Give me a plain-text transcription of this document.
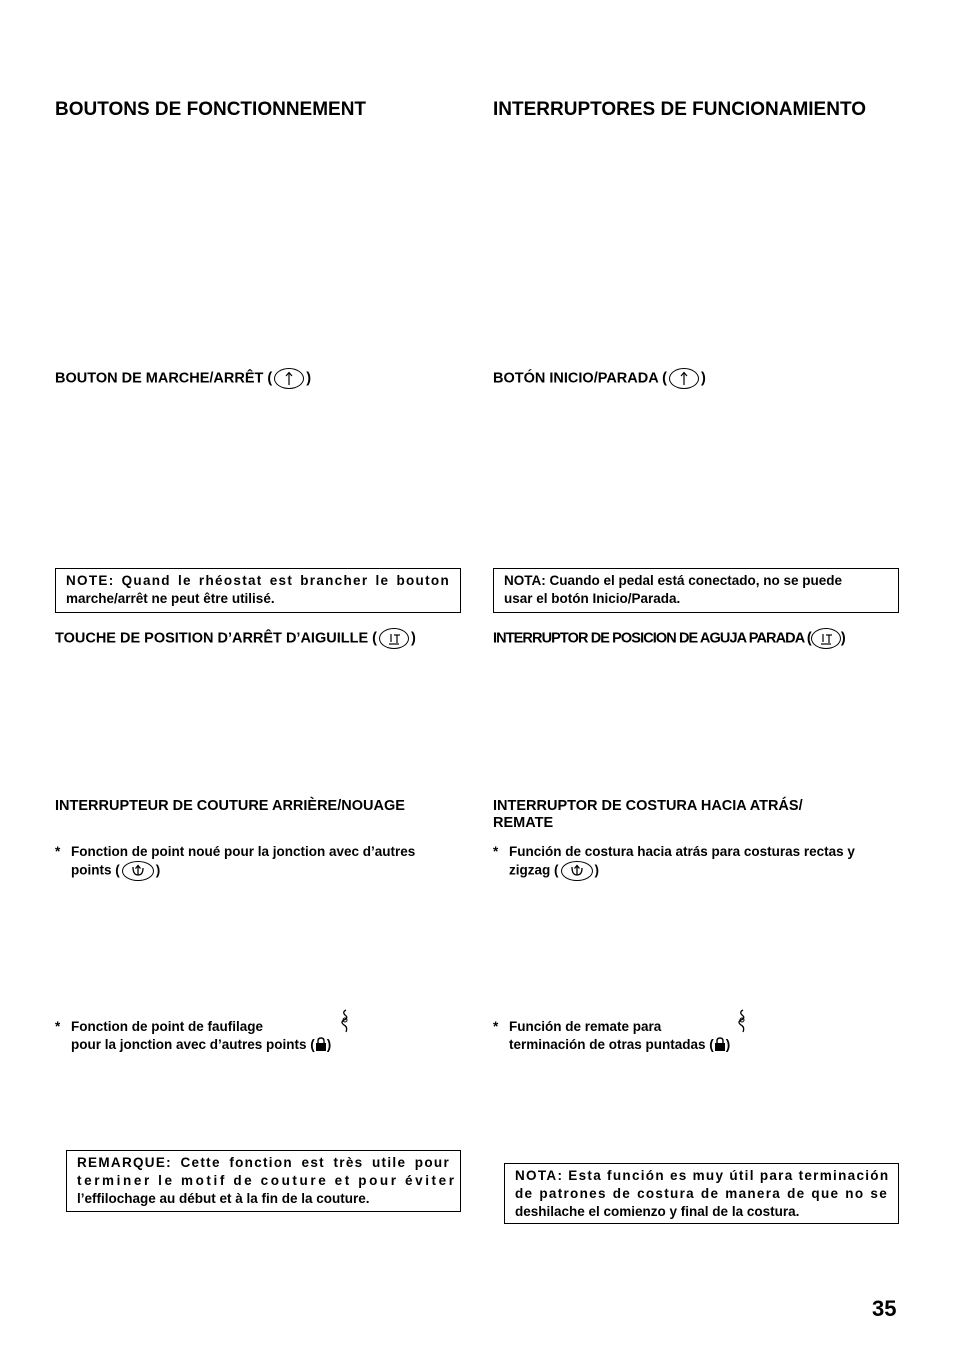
BOUTONS DE FONCTIONNEMENT
BOUTON DE MARCHE/ARRÊT ( )
NOTE: Quand le rhéostat est brancher le bouton
marche/arrêt ne peut être utilisé.
TOUCHE DE POSITION D’ARRÊT D’AIGUILLE ( )
INTERRUPTEUR DE COUTURE ARRIÈRE/NOUAGE
* Fonction de point noué pour la jonction avec d’autres
points (	)
* Fonction de point de faufilage
pour la jonction avec d’autres points ( )
REMARQUE: Cette fonction est très utile pour
terminer le motif de couture et pour éviter
l’effilochage au début et à la fin de la couture.
INTERRUPTORES DE FUNCIONAMIENTO
BOTÓN INICIO/PARADA ( )
NOTA: Cuando el pedal está conectado, no se puede
usar el botón Inicio/Parada.
INTERRUPTOR DE POSICION DE AGUJA PARADA ( )
INTERRUPTOR DE COSTURA HACIA ATRÁS/
REMATE
* Función de costura hacia atrás para costuras rectas y
zigzag (	)
* Función de remate para
terminación de otras puntadas ( )
NOTA: Esta función es muy útil para terminación
de patrones de costura de manera de que no se
deshilache el comienzo y final de la costura.
35
